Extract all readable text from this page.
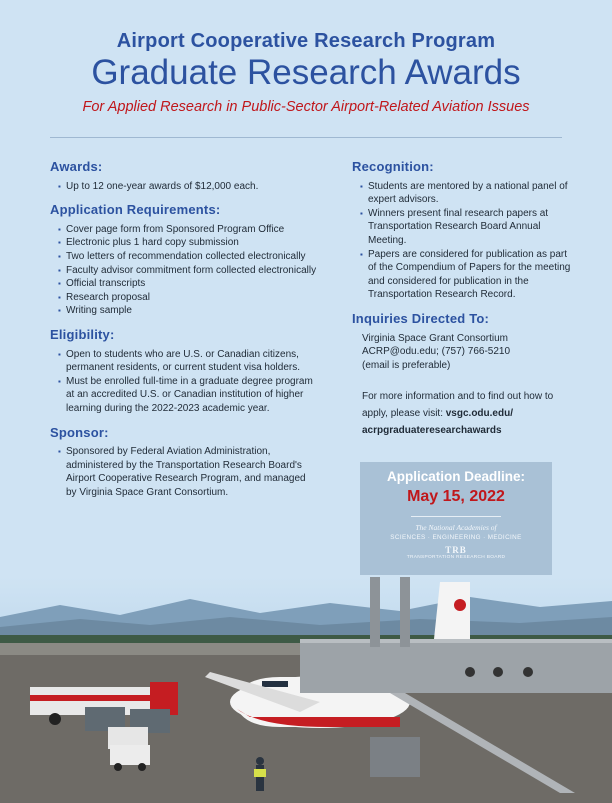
Airport Cooperative Research Program
Graduate Research Awards
For Applied Research in Public-Sector Airport-Related Aviation Issues
Awards:
▪ Up to 12 one-year awards of $12,000 each.
Application Requirements:
▪ Cover page form from Sponsored Program Office
▪ Electronic plus 1 hard copy submission
▪ Two letters of recommendation collected electronically
▪ Faculty advisor commitment form collected electronically
▪ Official transcripts
▪ Research proposal
▪ Writing sample
Eligibility:
▪ Open to students who are U.S. or Canadian citizens, permanent residents, or current student visa holders.
▪ Must be enrolled full-time in a graduate degree program at an accredited U.S. or Canadian institution of higher learning during the 2022-2023 academic year.
Sponsor:
▪ Sponsored by Federal Aviation Administration, administered by the Transportation Research Board's Airport Cooperative Research Program, and managed by Virginia Space Grant Consortium.
Recognition:
▪ Students are mentored by a national panel of expert advisors.
▪ Winners present final research papers at Transportation Research Board Annual Meeting.
▪ Papers are considered for publication as part of the Compendium of Papers for the meeting and considered for publication in the Transportation Research Record.
Inquiries Directed To:

Virginia Space Grant Consortium

ACRP@odu.edu; (757) 766-5210

(email is preferable)

For more information and to find out how to apply, please visit: vsgc.odu.edu/
acrpgraduateresearchawards
Application Deadline:
May 15, 2022
The National Academies of
SCIENCES · ENGINEERING · MEDICINE
TRB
TRANSPORTATION RESEARCH BOARD
